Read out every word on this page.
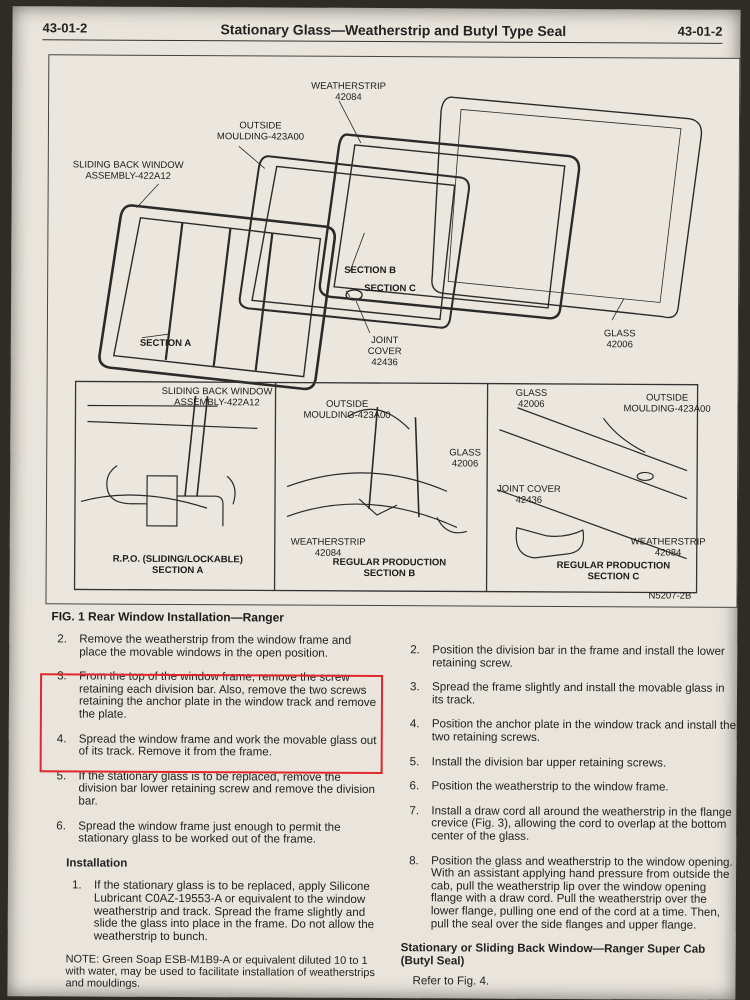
43-01-2	Stationary Glass—Weatherstrip and Butyl Type Seal	43-01-2
WEATHERSTRIP
42084
OUTSIDE
MOULDING-423A00
SLIDING BACK WINDOW
ASSEMBLY-422A12
SECTION B
SECTION C
SECTION A	JOINT
COVER
42436
GLASS
42006
SLIDING BACK WINDOW
ASSEMBLY-422A12
R.P.O. (SLIDING/LOCKABLE)
SECTION A
OUTSIDE
MOULDING-423A00
GLASS
42006
WEATHERSTRIP
42084
REGULAR PRODUCTION
SECTION B
GLASS
42006
OUTSIDE
MOULDING-423A00
JOINT COVER
42436
WEATHERSTRIP
42084
REGULAR PRODUCTION
SECTION C
N5207-2B
FIG. 1 Rear Window Installation—Ranger
2. Remove the weatherstrip from the window frame and place the movable windows in the open position.
3. From the top of the window frame, remove the screw retaining each division bar. Also, remove the two screws retaining the anchor plate in the window track and remove the plate.
4. Spread the window frame and work the movable glass out of its track. Remove it from the frame.
5. If the stationary glass is to be replaced, remove the division bar lower retaining screw and remove the division bar.
6. Spread the window frame just enough to permit the stationary glass to be worked out of the frame.
Installation
1. If the stationary glass is to be replaced, apply Silicone Lubricant C0AZ-19553-A or equivalent to the window weatherstrip and track. Spread the frame slightly and slide the glass into place in the frame. Do not allow the weatherstrip to bunch.
NOTE: Green Soap ESB-M1B9-A or equivalent diluted 10 to 1 with water, may be used to facilitate installation of weatherstrips and mouldings.
2. Position the division bar in the frame and install the lower retaining screw.
3. Spread the frame slightly and install the movable glass in its track.
4. Position the anchor plate in the window track and install the two retaining screws.
5. Install the division bar upper retaining screws.
6. Position the weatherstrip to the window frame.
7. Install a draw cord all around the weatherstrip in the flange crevice (Fig. 3), allowing the cord to overlap at the bottom center of the glass.
8. Position the glass and weatherstrip to the window opening. With an assistant applying hand pressure from outside the cab, pull the weatherstrip lip over the window opening flange with a draw cord. Pull the weatherstrip over the lower flange, pulling one end of the cord at a time. Then, pull the seal over the side flanges and upper flange.
Stationary or Sliding Back Window—Ranger Super Cab (Butyl Seal)
Refer to Fig. 4.
